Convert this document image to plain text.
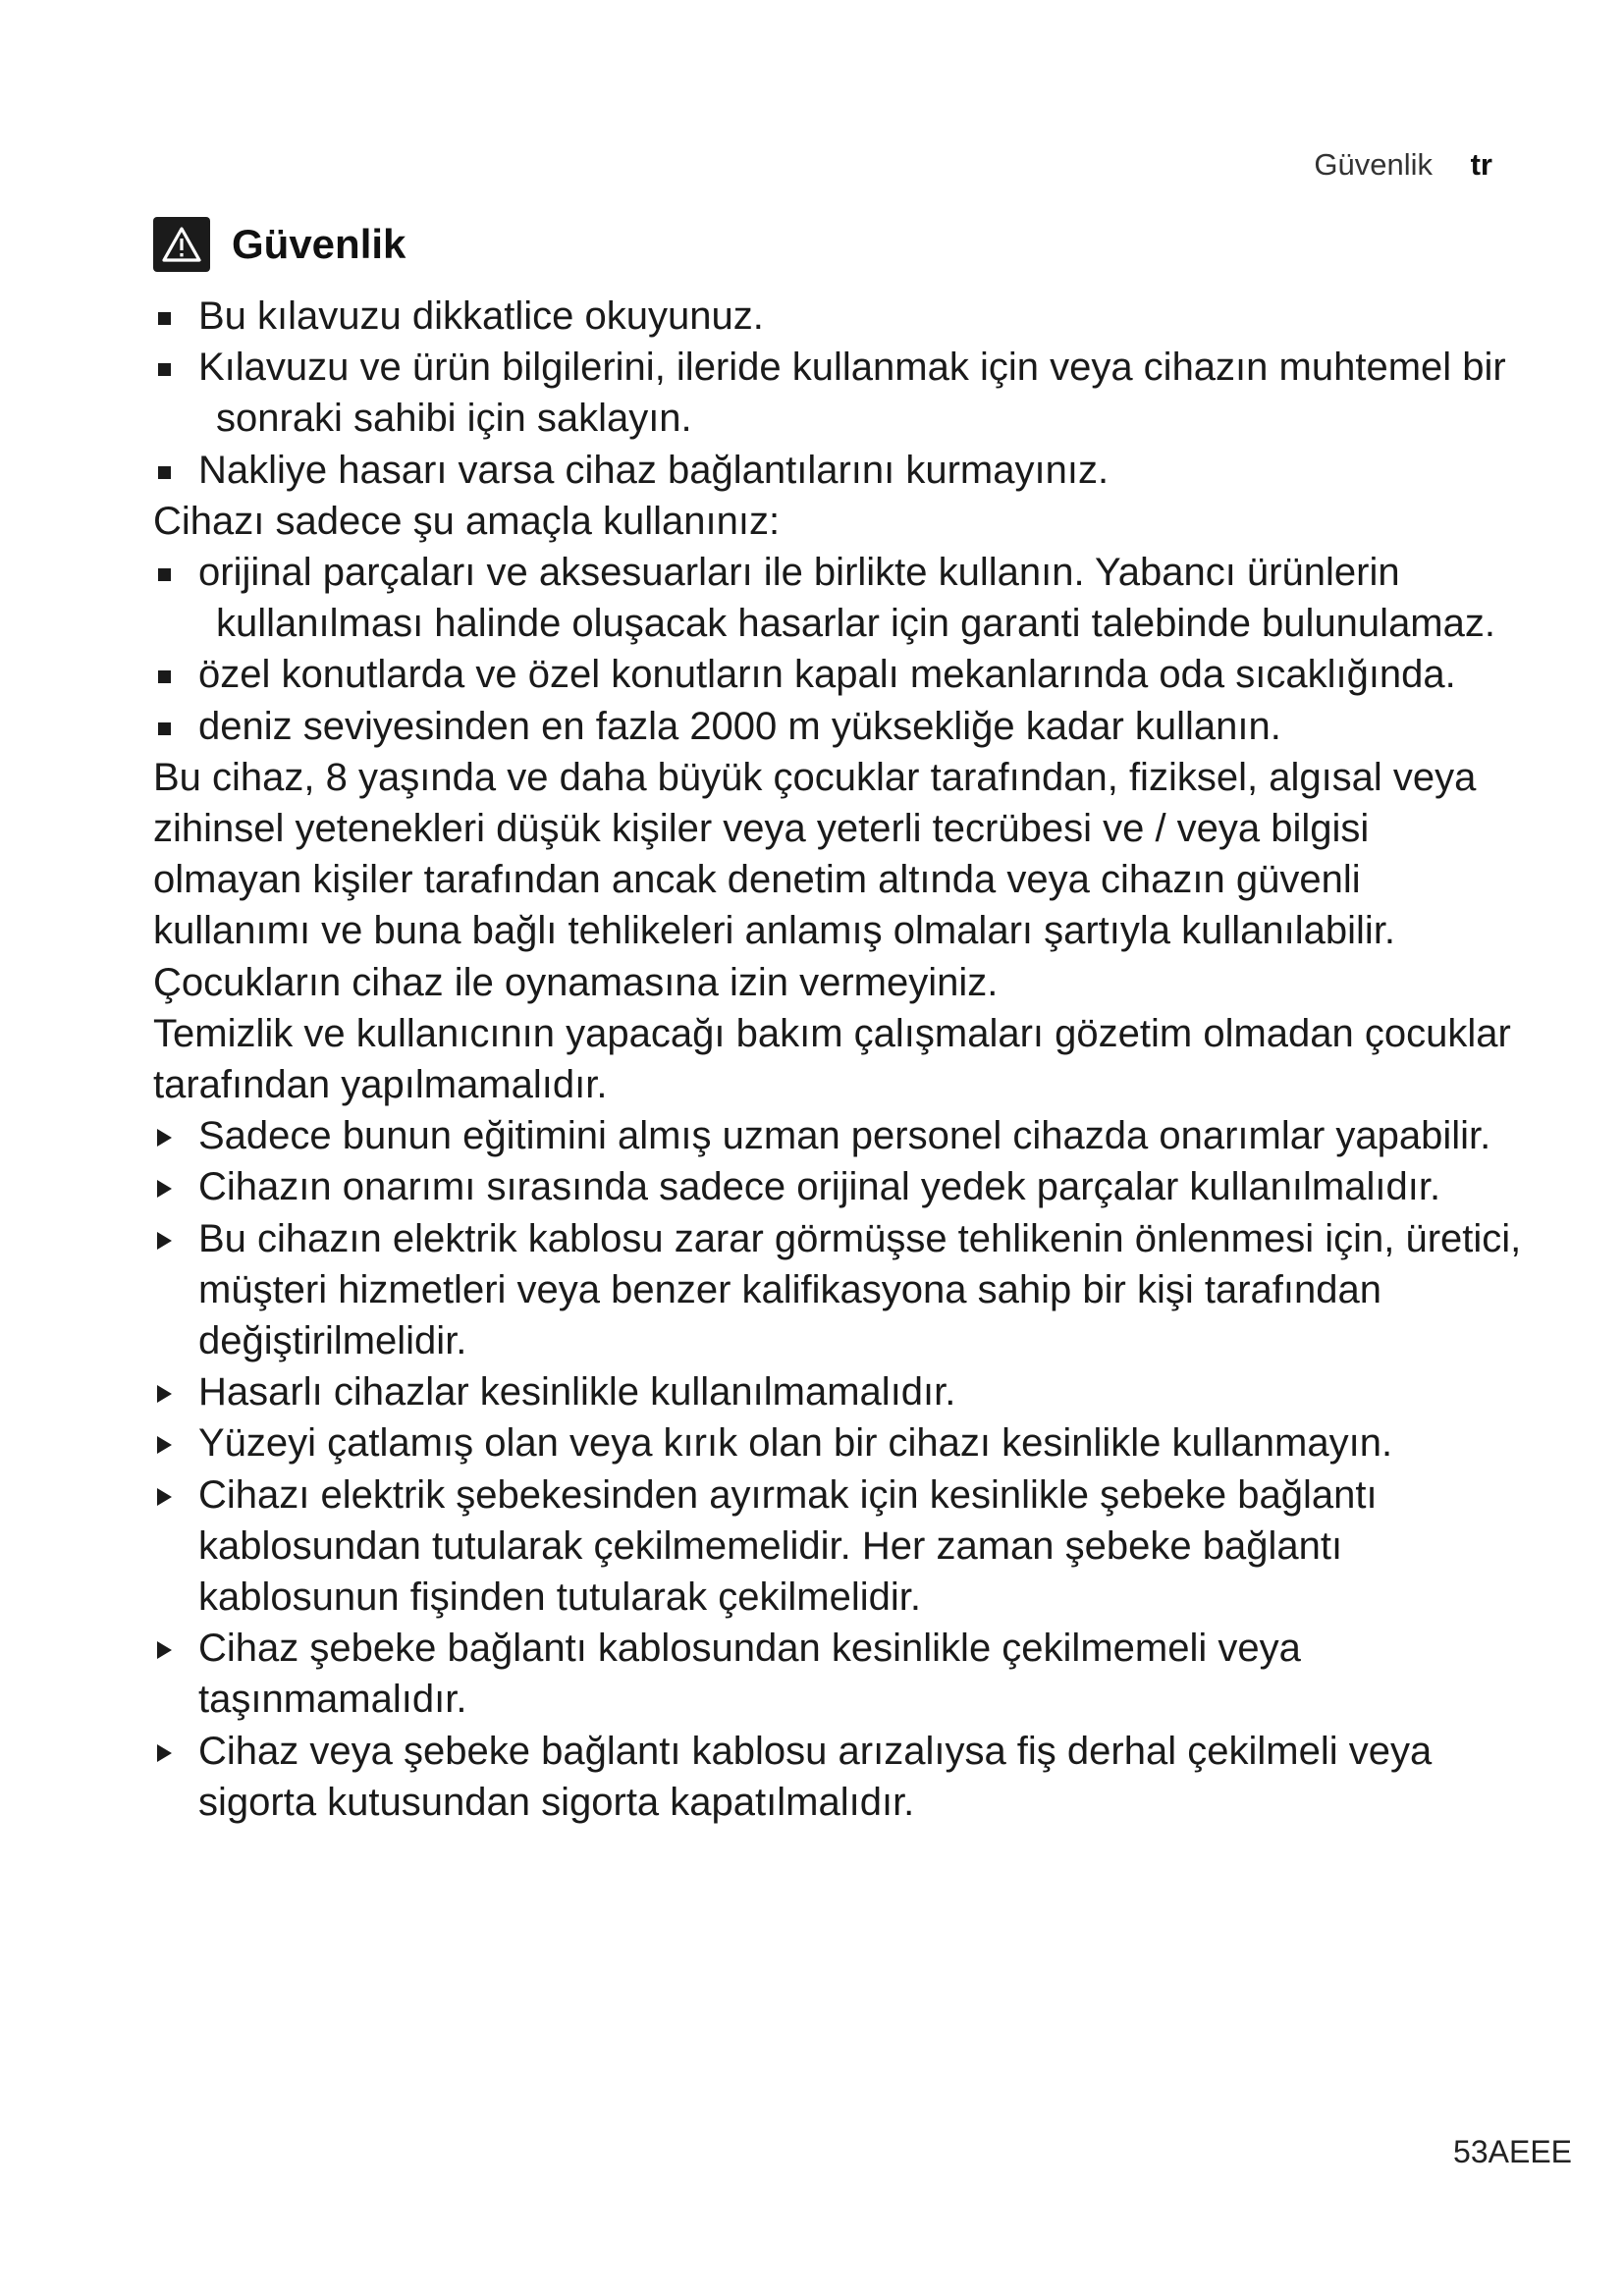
Güvenlik tr
Güvenlik
Bu kılavuzu dikkatlice okuyunuz.
Kılavuzu ve ürün bilgilerini, ileride kullanmak için veya cihazın muhtemel bir sonraki sahibi için saklayın.
Nakliye hasarı varsa cihaz bağlantılarını kurmayınız.
Cihazı sadece şu amaçla kullanınız:
orijinal parçaları ve aksesuarları ile birlikte kullanın. Yabancı ürünlerin kullanılması halinde oluşacak hasarlar için garanti talebinde bulunulamaz.
özel konutlarda ve özel konutların kapalı mekanlarında oda sıcaklığında.
deniz seviyesinden en fazla 2000 m yüksekliğe kadar kullanın.
Bu cihaz, 8 yaşında ve daha büyük çocuklar tarafından, fiziksel, algısal veya zihinsel yetenekleri düşük kişiler veya yeterli tecrübesi ve / veya bilgisi olmayan kişiler tarafından ancak denetim altında veya cihazın güvenli kullanımı ve buna bağlı tehlikeleri anlamış olmaları şartıyla kullanılabilir.
Çocukların cihaz ile oynamasına izin vermeyiniz.
Temizlik ve kullanıcının yapacağı bakım çalışmaları gözetim olmadan çocuklar tarafından yapılmamalıdır.
Sadece bunun eğitimini almış uzman personel cihazda onarımlar yapabilir.
Cihazın onarımı sırasında sadece orijinal yedek parçalar kullanılmalıdır.
Bu cihazın elektrik kablosu zarar görmüşse tehlikenin önlenmesi için, üretici, müşteri hizmetleri veya benzer kalifikasyona sahip bir kişi tarafından değiştirilmelidir.
Hasarlı cihazlar kesinlikle kullanılmamalıdır.
Yüzeyi çatlamış olan veya kırık olan bir cihazı kesinlikle kullanmayın.
Cihazı elektrik şebekesinden ayırmak için kesinlikle şebeke bağlantı kablosundan tutularak çekilmemelidir. Her zaman şebeke bağlantı kablosunun fişinden tutularak çekilmelidir.
Cihaz şebeke bağlantı kablosundan kesinlikle çekilmemeli veya taşınmamalıdır.
Cihaz veya şebeke bağlantı kablosu arızalıysa fiş derhal çekilmeli veya sigorta kutusundan sigorta kapatılmalıdır.
53AEEE
